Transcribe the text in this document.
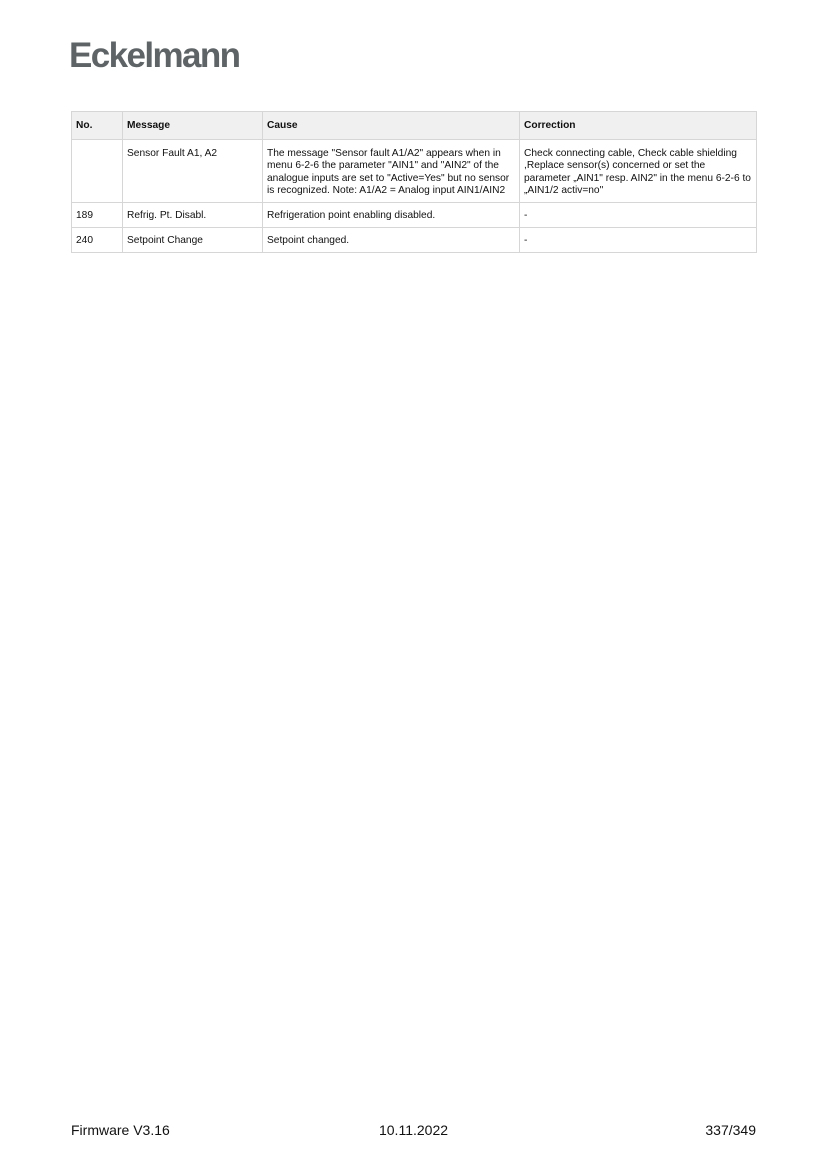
Eckelmann
No.	Message	Cause	Correction
	Sensor Fault A1, A2	The message "Sensor fault A1/A2" appears when in menu 6-2-6 the parameter "AIN1" and "AIN2" of the analogue inputs are set to "Active=Yes" but no sensor is recognized. Note: A1/A2 = Analog input AIN1/AIN2	Check connecting cable, Check cable shielding ,Replace sensor(s) concerned or set the parameter „AIN1" resp. AIN2" in the menu 6-2-6 to „AIN1/2 activ=no"
189	Refrig. Pt. Disabl.	Refrigeration point enabling disabled.	-
240	Setpoint Change	Setpoint changed.	-
Firmware V3.16	10.11.2022	337/349
